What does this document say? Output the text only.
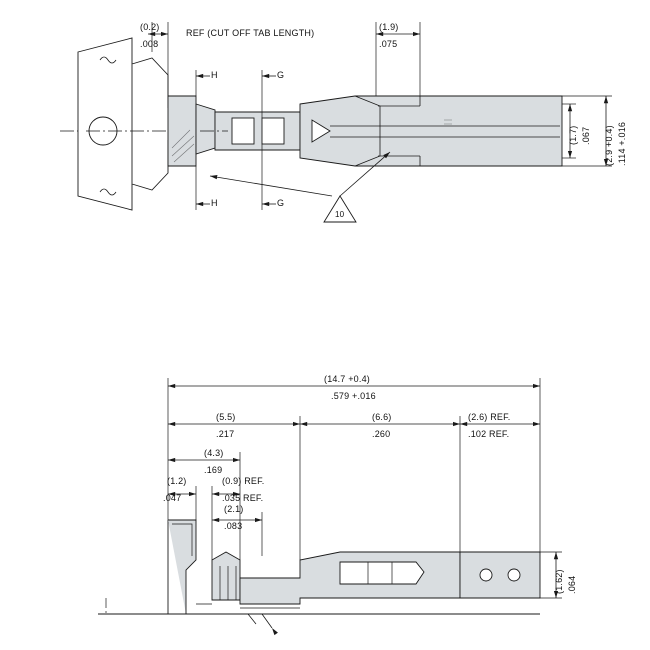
(0.2)
.008
REF (CUT OFF TAB LENGTH)
(1.9)
.075
H	G
H	G
(1.7) .067 (2.9 +0.4) .114 +.016
10
(14.7 +0.4)
.579 +.016
(5.5)
.217
(6.6)
.260
(2.6) REF.
.102 REF.
(4.3)
.169
(1.2)
.047
(0.9) REF.
.035 REF.
(2.1)
.083
(1.62) .064
